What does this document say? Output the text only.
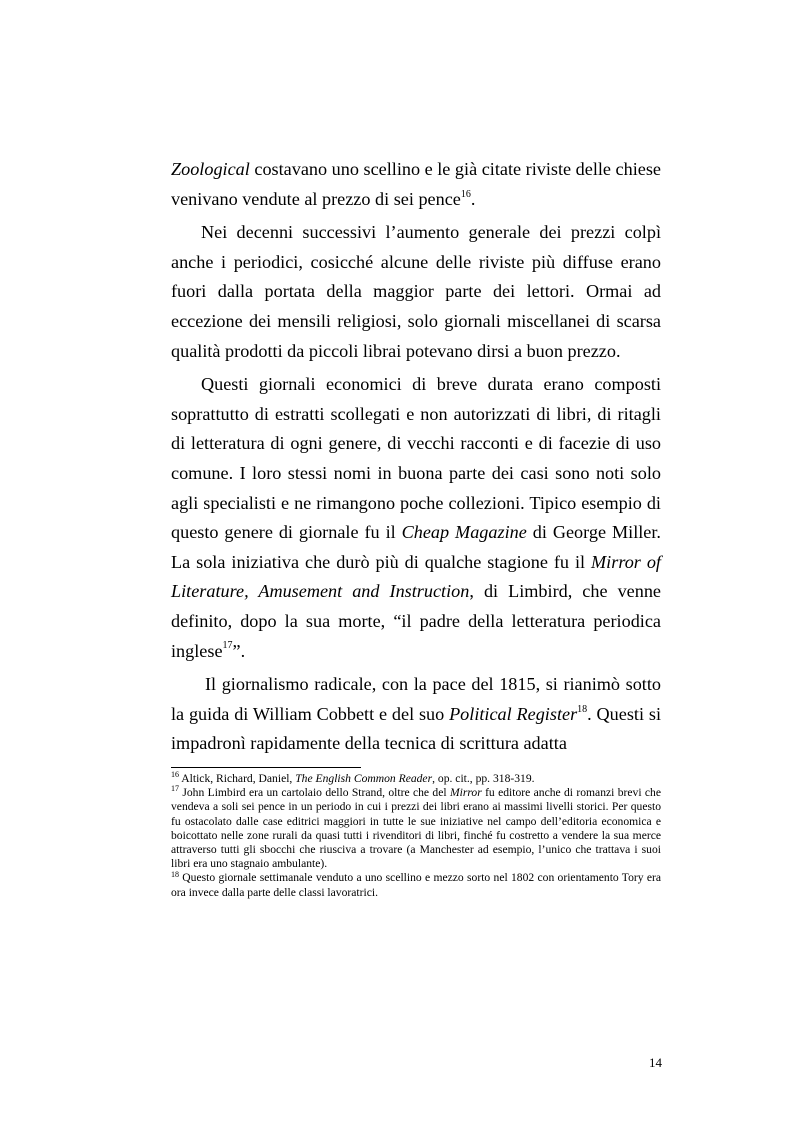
Zoological costavano uno scellino e le già citate riviste delle chiese venivano vendute al prezzo di sei pence$^{16}$.

Nei decenni successivi l’aumento generale dei prezzi colpì anche i periodici, cosicché alcune delle riviste più diffuse erano fuori dalla portata della maggior parte dei lettori. Ormai ad eccezione dei mensili religiosi, solo giornali miscellanei di scarsa qualità prodotti da piccoli librai potevano dirsi a buon prezzo.

Questi giornali economici di breve durata erano composti soprattutto di estratti scollegati e non autorizzati di libri, di ritagli di letteratura di ogni genere, di vecchi racconti e di facezie di uso comune. I loro stessi nomi in buona parte dei casi sono noti solo agli specialisti e ne rimangono poche collezioni. Tipico esempio di questo genere di giornale fu il Cheap Magazine di George Miller. La sola iniziativa che durò più di qualche stagione fu il Mirror of Literature, Amusement and Instruction, di Limbird, che venne definito, dopo la sua morte, “il padre della letteratura periodica inglese$^{17}$”.

Il giornalismo radicale, con la pace del 1815, si rianimò sotto la guida di William Cobbett e del suo Political Register$^{18}$. Questi si impadronì rapidamente della tecnica di scrittura adatta

$^{16}$ Altick, Richard, Daniel, The English Common Reader, op. cit., pp. 318-319.

$^{17}$ John Limbird era un cartolaio dello Strand, oltre che del Mirror fu editore anche di romanzi brevi che vendeva a soli sei pence in un periodo in cui i prezzi dei libri erano ai massimi livelli storici. Per questo fu ostacolato dalle case editrici maggiori in tutte le sue iniziative nel campo dell’editoria economica e boicottato nelle zone rurali da quasi tutti i rivenditori di libri, finché fu costretto a vendere la sua merce attraverso tutti gli sbocchi che riusciva a trovare (a Manchester ad esempio, l’unico che trattava i suoi libri era uno stagnaio ambulante).

$^{18}$ Questo giornale settimanale venduto a uno scellino e mezzo sorto nel 1802 con orientamento Tory era ora invece dalla parte delle classi lavoratrici.

14
